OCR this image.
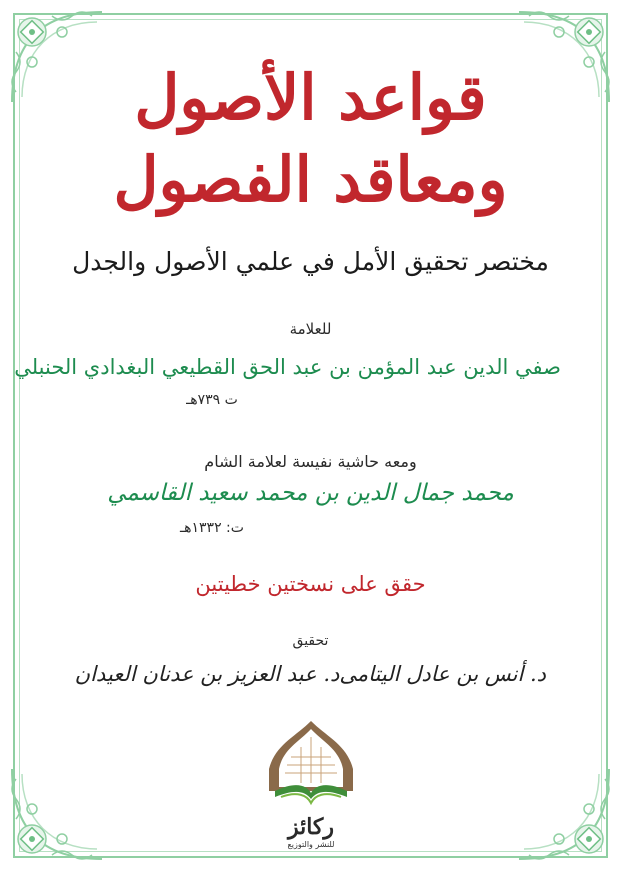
قواعد الأصول
ومعاقد الفصول
مختصر تحقيق الأمل في علمي الأصول والجدل
للعلامة
صفي الدين عبد المؤمن بن عبد الحق القطيعي البغدادي الحنبلي
ت ٧٣٩هـ
ومعه حاشية نفيسة لعلامة الشام
محمد جمال الدين بن محمد سعيد القاسمي
ت: ١٣٣٢هـ
حقق على نسختين خطيتين
تحقيق
د. أنس بن عادل اليتامى
د. عبد العزيز بن عدنان العيدان
ركائز
للنشر والتوزيع
